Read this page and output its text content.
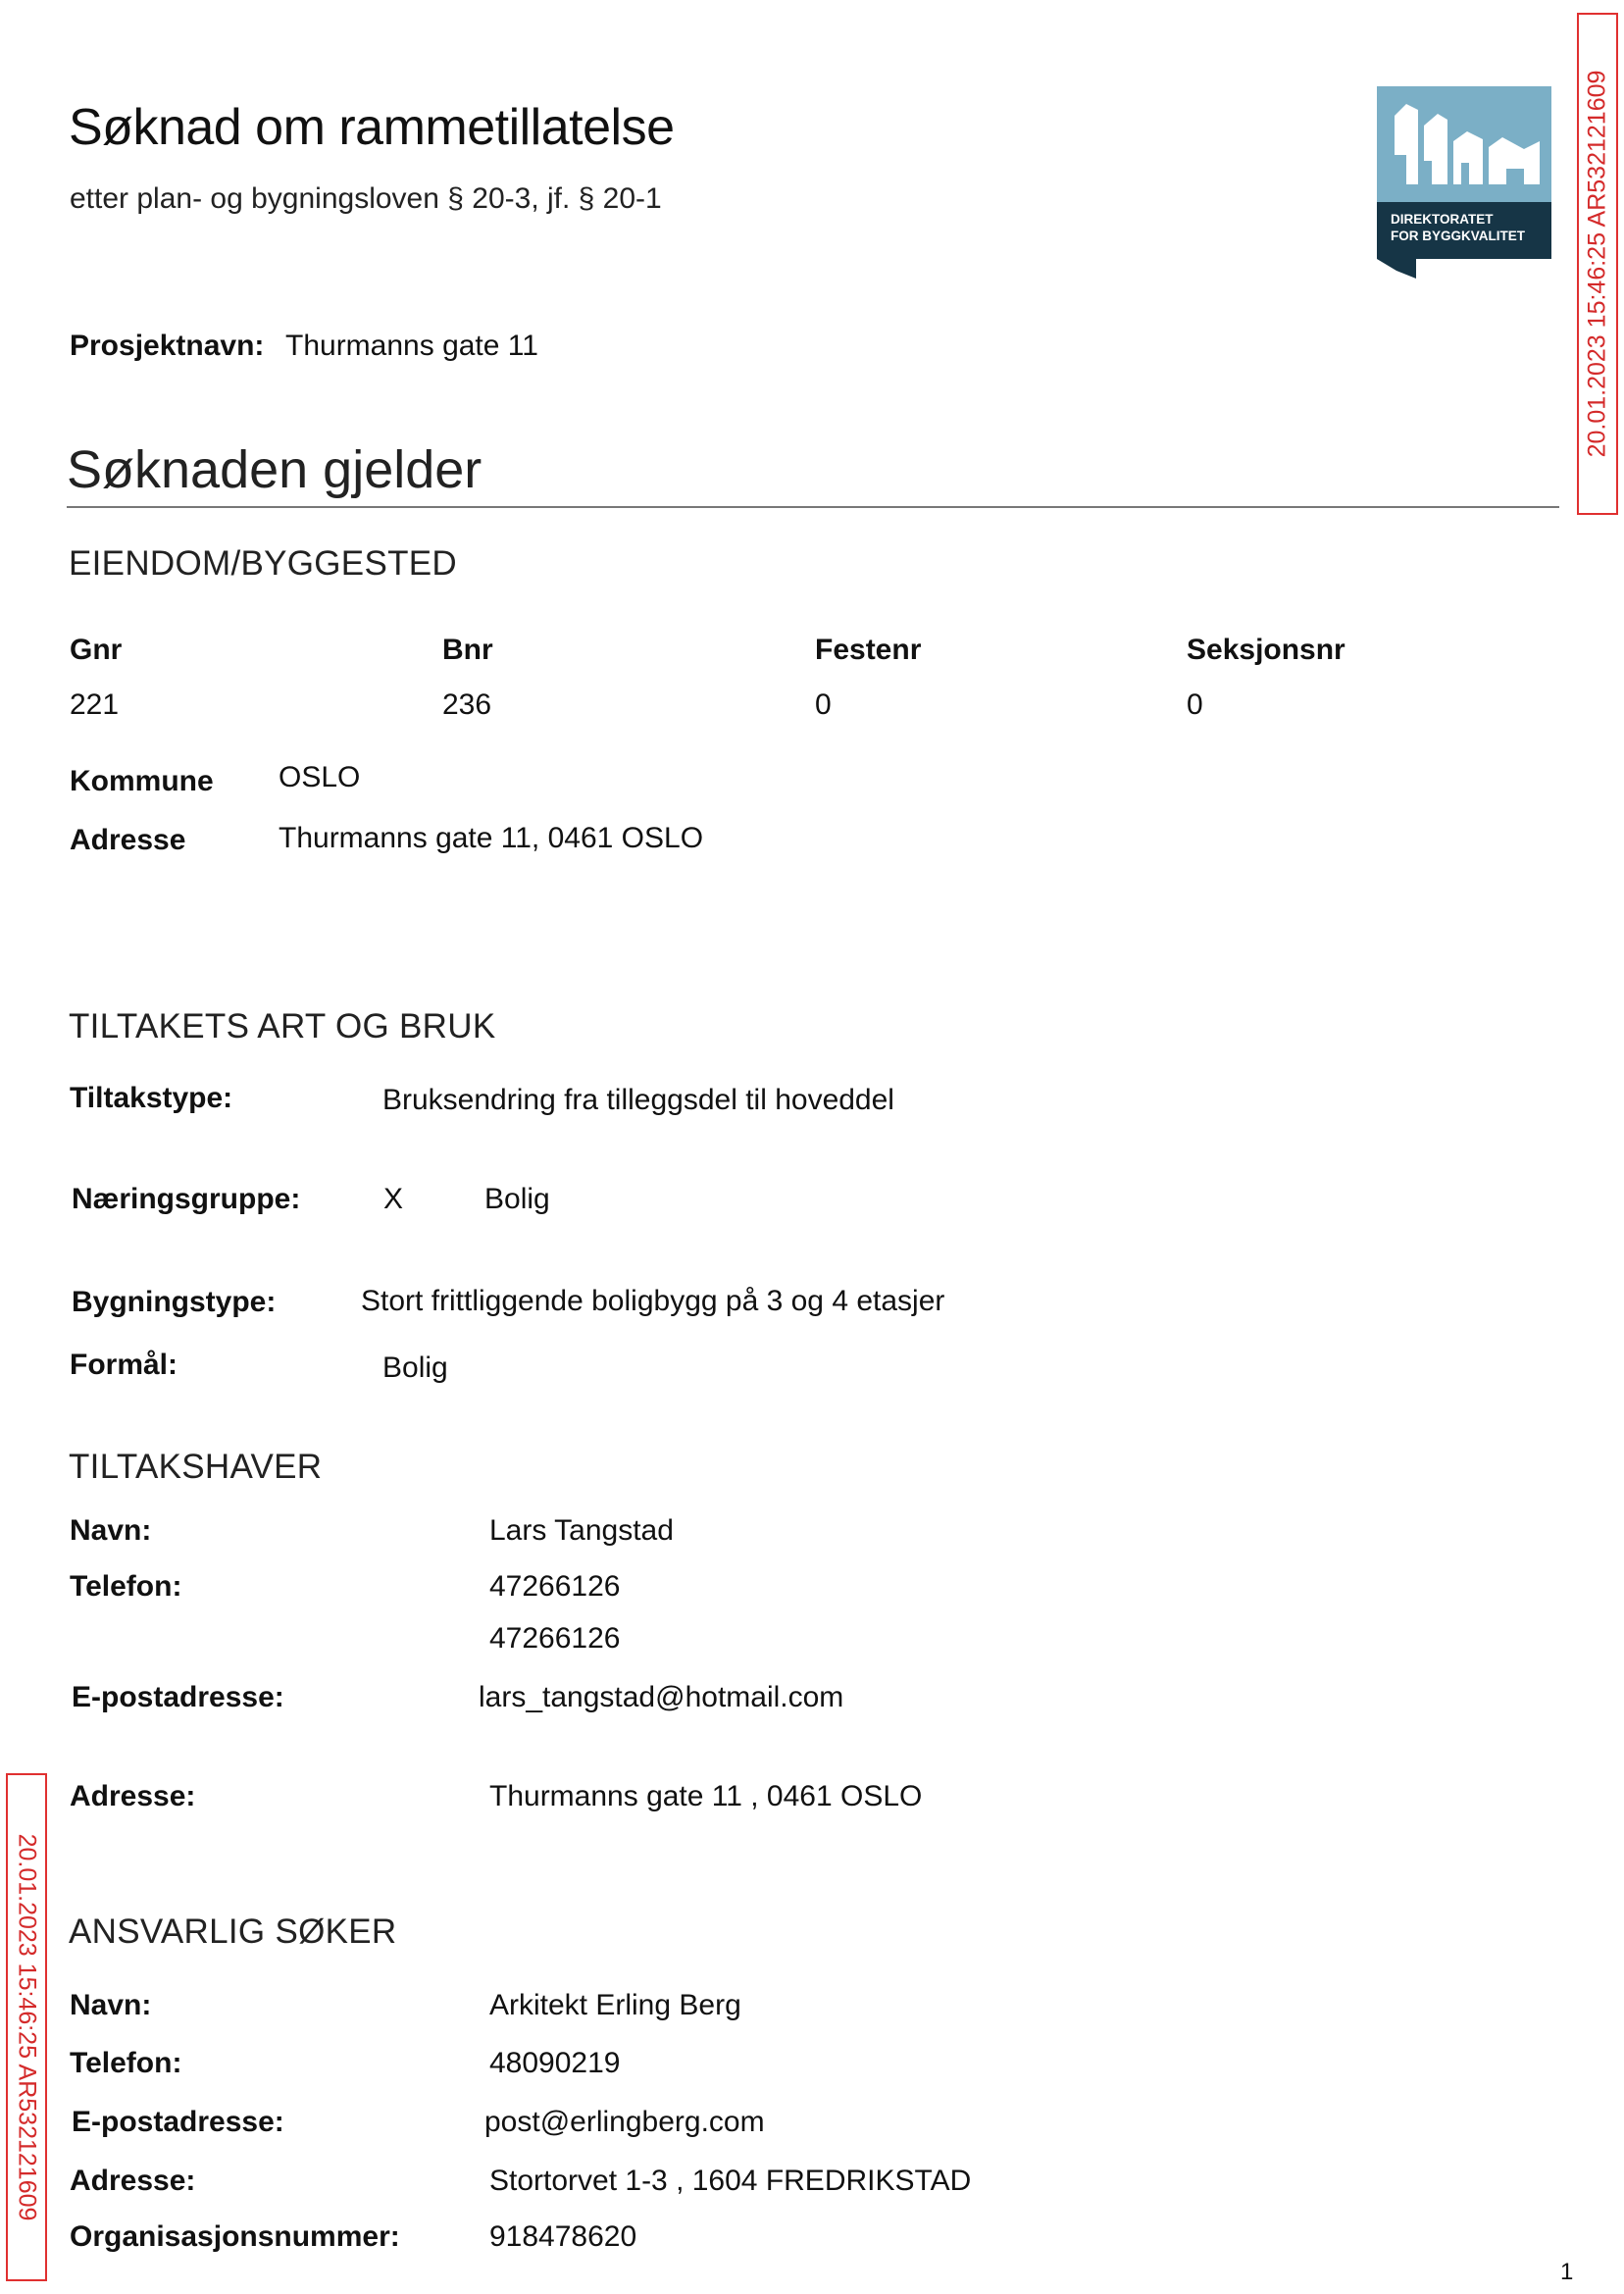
Søknad om rammetillatelse
etter plan- og bygningsloven § 20-3, jf. § 20-1
DIREKTORATET
FOR BYGGKVALITET 20.01.2023 15:46:25 AR532121609
20.01.2023 15:46:25 AR532121609
Prosjektnavn: Thurmanns gate 11
Søknaden gjelder
EIENDOM/BYGGESTED
Gnr	Bnr	Festenr	Seksjonsnr
221	236	0	0
Kommune OSLO
Adresse	Thurmanns gate 11, 0461 OSLO
TILTAKETS ART OG BRUK
Tiltakstype:	Bruksendring fra tilleggsdel til hoveddel
Næringsgruppe:	X	Bolig
Bygningstype:	Stort frittliggende boligbygg på 3 og 4 etasjer
Formål:	Bolig
TILTAKSHAVER
Navn:	Lars Tangstad
Telefon:	47266126
47266126
E-postadresse:	lars_tangstad@hotmail.com
Adresse:	Thurmanns gate 11 , 0461 OSLO
ANSVARLIG SØKER
Navn:	Arkitekt Erling Berg
Telefon:	48090219
E-postadresse:	post@erlingberg.com
Adresse:	Stortorvet 1-3 , 1604 FREDRIKSTAD
Organisasjonsnummer:	918478620
1
